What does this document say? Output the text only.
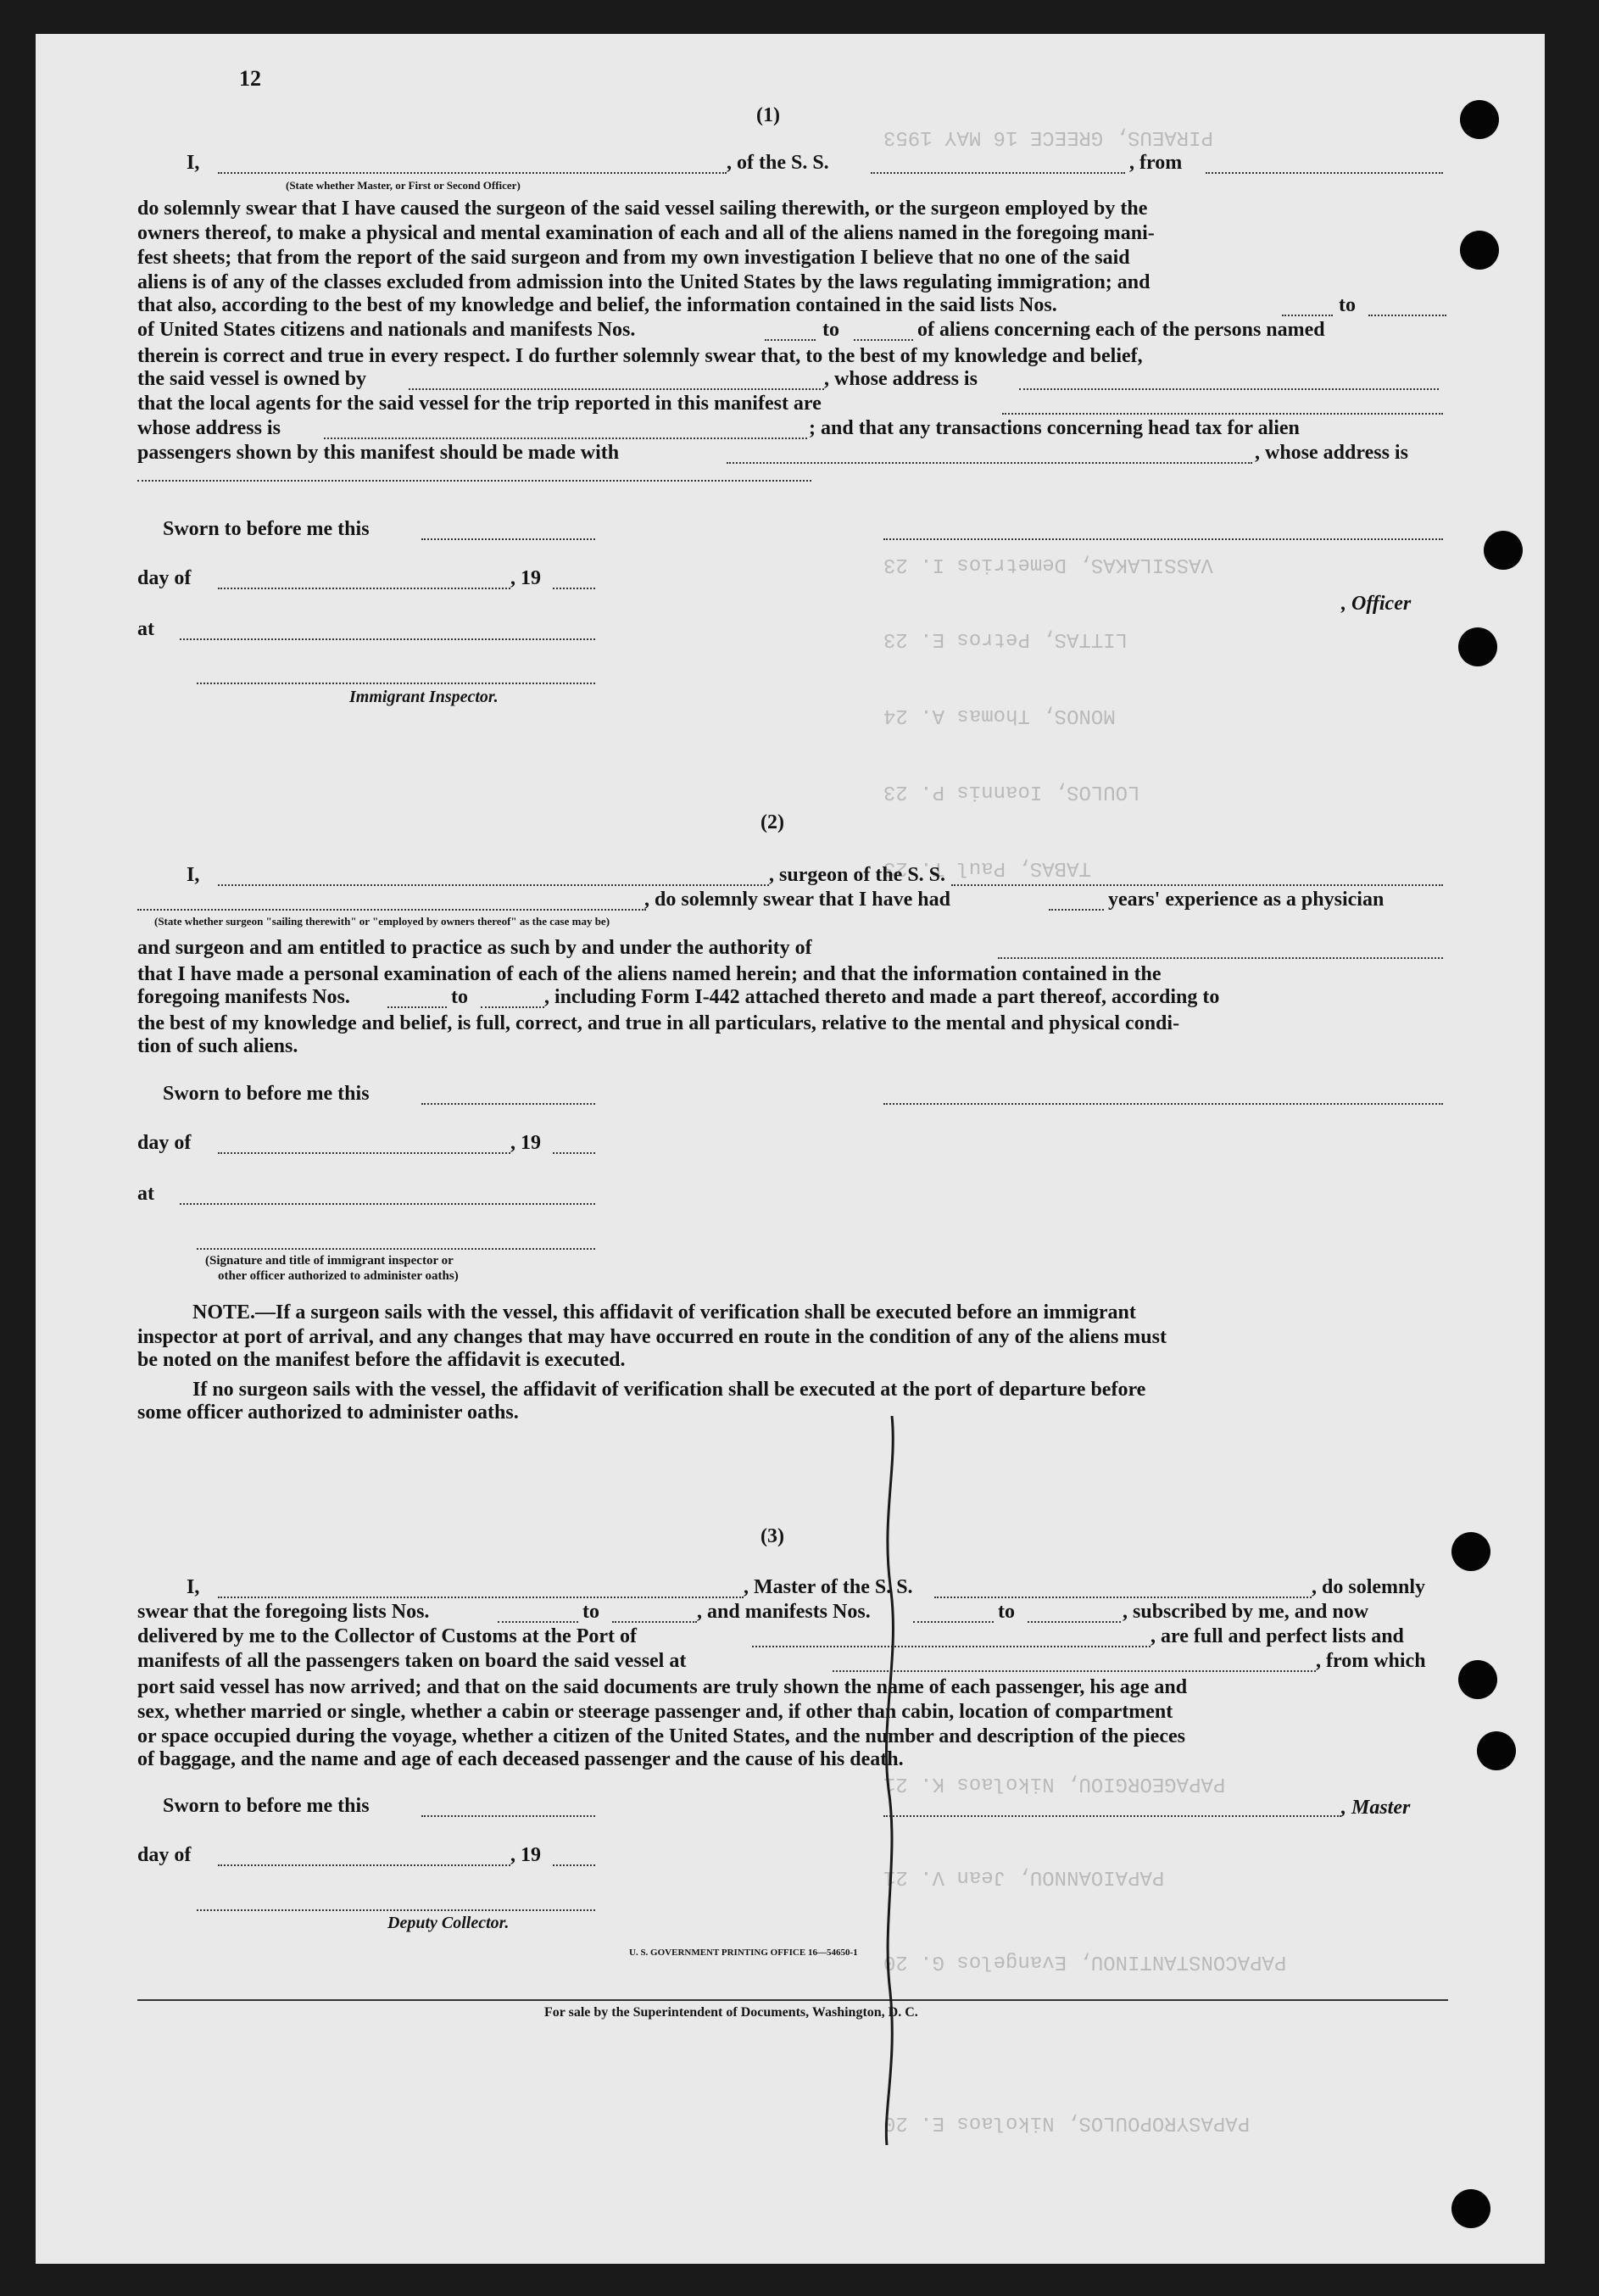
PIRAEUS, GREECE 16 MAY 1953
VASSILAKAS, Demetrios I. 23
LITTAS, Petros E. 23
MONOS, Thomas A. 24
LOULOS, Ioannis P. 23
TABAS, Paul T. 23
PAPAGEORGIOU, Nikolaos K. 21
PAPAIOANNOU, Jean V. 21
PAPACONSTANTINOU, Evangelos G. 20
PAPASYROPOULOS, Nikolaos E. 20
12
(1)
I,	, of the S. S.	, from
(State whether Master, or First or Second Officer)
do solemnly swear that I have caused the surgeon of the said vessel sailing therewith, or the surgeon employed by the
owners thereof, to make a physical and mental examination of each and all of the aliens named in the foregoing mani-
fest sheets; that from the report of the said surgeon and from my own investigation I believe that no one of the said
aliens is of any of the classes excluded from admission into the United States by the laws regulating immigration; and
that also, according to the best of my knowledge and belief, the information contained in the said lists Nos.	to
of United States citizens and nationals and manifests Nos.	to	of aliens concerning each of the persons named
therein is correct and true in every respect. I do further solemnly swear that, to the best of my knowledge and belief,
the said vessel is owned by	, whose address is
that the local agents for the said vessel for the trip reported in this manifest are
whose address is	; and that any transactions concerning head tax for alien
passengers shown by this manifest should be made with	, whose address is
Sworn to before me this
day of	, 19
, Officer
at
Immigrant Inspector.
(2)
I,	, surgeon of the S. S.
, do solemnly swear that I have had	years' experience as a physician
(State whether surgeon "sailing therewith" or "employed by owners thereof" as the case may be)
and surgeon and am entitled to practice as such by and under the authority of
that I have made a personal examination of each of the aliens named herein; and that the information contained in the
foregoing manifests Nos.	to	, including Form I-442 attached thereto and made a part thereof, according to
the best of my knowledge and belief, is full, correct, and true in all particulars, relative to the mental and physical condi-
tion of such aliens.
Sworn to before me this
day of	, 19
at
(Signature and title of immigrant inspector or
other officer authorized to administer oaths)
NOTE.—If a surgeon sails with the vessel, this affidavit of verification shall be executed before an immigrant
inspector at port of arrival, and any changes that may have occurred en route in the condition of any of the aliens must
be noted on the manifest before the affidavit is executed.
If no surgeon sails with the vessel, the affidavit of verification shall be executed at the port of departure before
some officer authorized to administer oaths.
(3)
I,	, Master of the S. S.	, do solemnly
swear that the foregoing lists Nos.	to	, and manifests Nos.	to	, subscribed by me, and now
delivered by me to the Collector of Customs at the Port of	, are full and perfect lists and
manifests of all the passengers taken on board the said vessel at	, from which
port said vessel has now arrived; and that on the said documents are truly shown the name of each passenger, his age and
sex, whether married or single, whether a cabin or steerage passenger and, if other than cabin, location of compartment
or space occupied during the voyage, whether a citizen of the United States, and the number and description of the pieces
of baggage, and the name and age of each deceased passenger and the cause of his death.
Sworn to before me this	, Master
day of	, 19
Deputy Collector.
U. S. GOVERNMENT PRINTING OFFICE 16—54650-1
For sale by the Superintendent of Documents, Washington, D. C.
